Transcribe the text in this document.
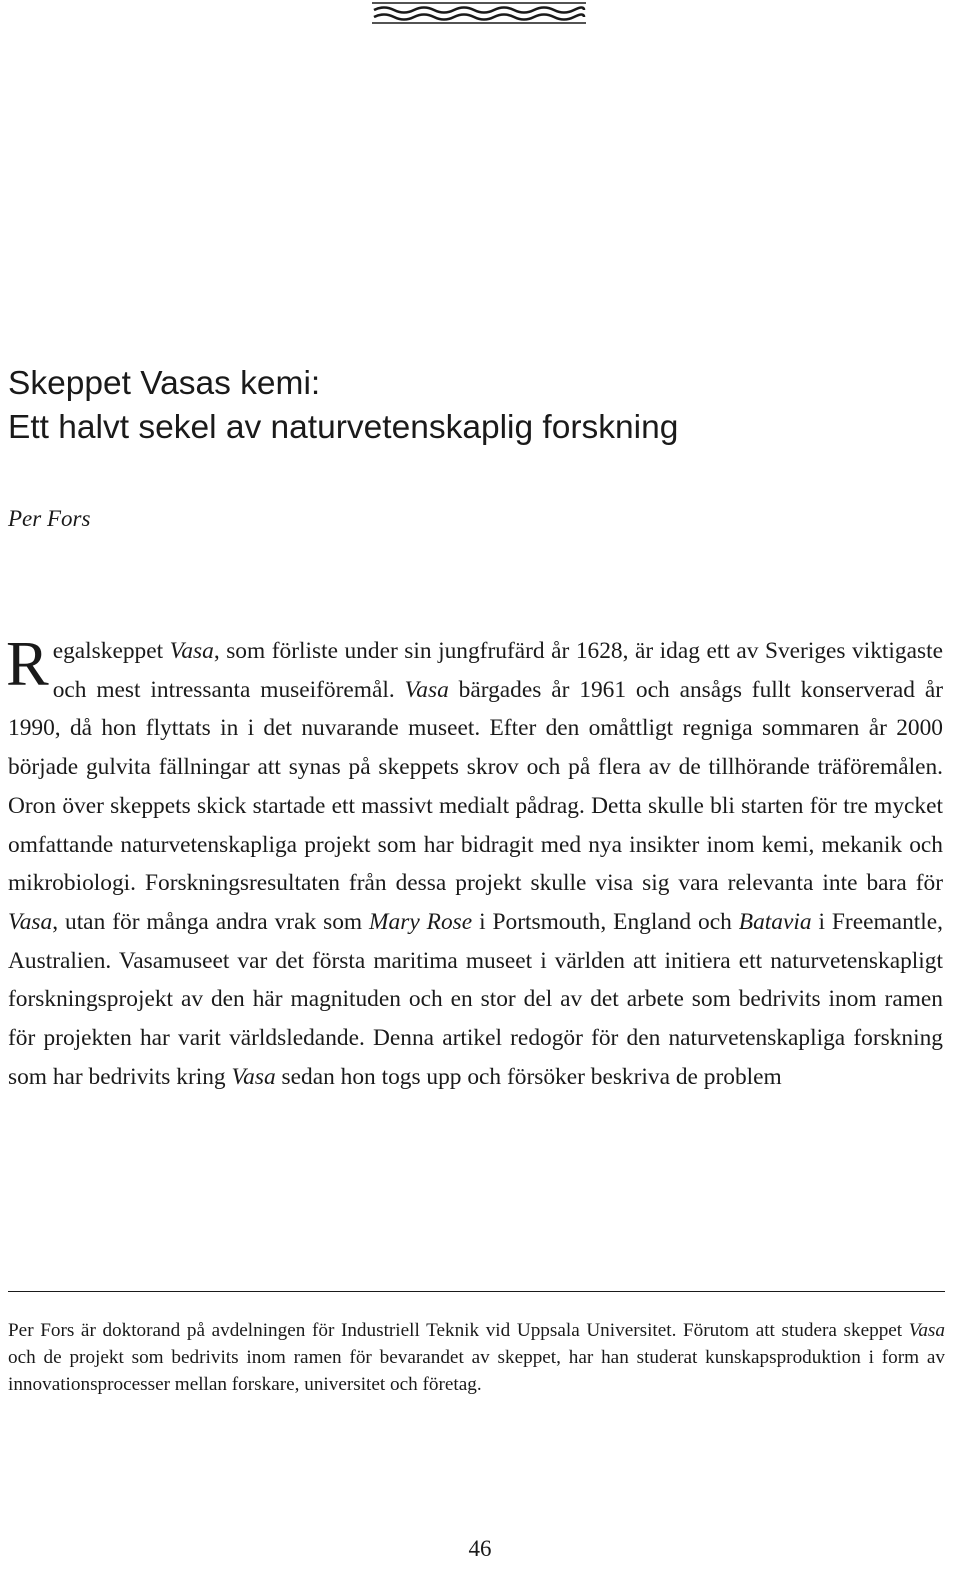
Skeppet Vasas kemi:
Ett halvt sekel av naturvetenskaplig forskning

Per Fors

Regalskeppet Vasa, som förliste under sin jungfrufärd år 1628, är idag ett av Sveriges viktigaste och mest intressanta museiföremål. Vasa bärgades år 1961 och ansågs fullt konserverad år 1990, då hon flyttats in i det nuvarande museet. Efter den omåttligt regniga sommaren år 2000 började gulvita fällningar att synas på skeppets skrov och på flera av de tillhörande träföremålen. Oron över skeppets skick startade ett massivt medialt pådrag. Detta skulle bli starten för tre mycket omfattande naturvetenskapliga projekt som har bidragit med nya insikter inom kemi, mekanik och mikrobiologi. Forskningsresultaten från dessa projekt skulle visa sig vara relevanta inte bara för Vasa, utan för många andra vrak som Mary Rose i Portsmouth, England och Batavia i Freemantle, Australien. Vasamuseet var det första maritima museet i världen att initiera ett naturvetenskapligt forskningsprojekt av den här magnituden och en stor del av det arbete som bedrivits inom ramen för projekten har varit världsledande. Denna artikel redogör för den naturvetenskapliga forskning som har bedrivits kring Vasa sedan hon togs upp och försöker beskriva de problem

Per Fors är doktorand på avdelningen för Industriell Teknik vid Uppsala Universitet. Förutom att studera skeppet Vasa och de projekt som bedrivits inom ramen för bevarandet av skeppet, har han studerat kunskapsproduktion i form av innovationsprocesser mellan forskare, universitet och företag.

46
